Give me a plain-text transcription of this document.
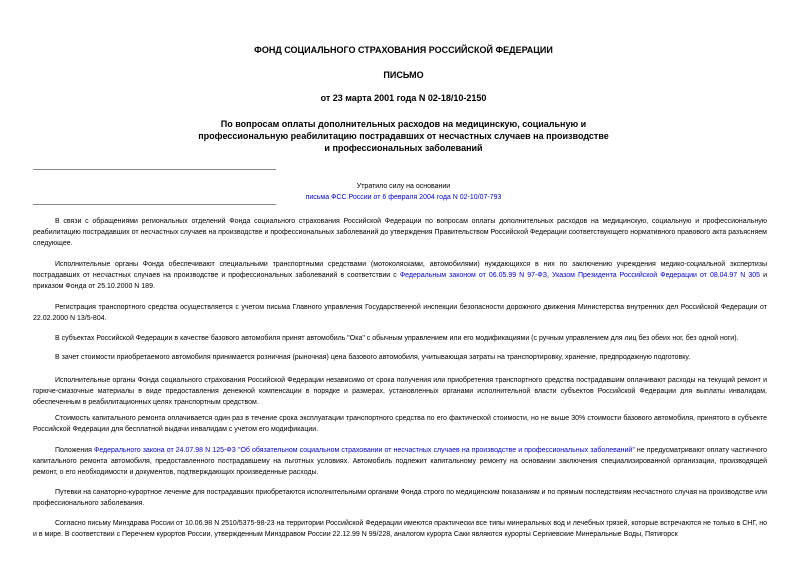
ФОНД СОЦИАЛЬНОГО СТРАХОВАНИЯ РОССИЙСКОЙ ФЕДЕРАЦИИ
ПИСЬМО
от 23 марта 2001 года N 02-18/10-2150
По вопросам оплаты дополнительных расходов на медицинскую, социальную и
профессиональную реабилитацию пострадавших от несчастных случаев на производстве
и профессиональных заболеваний
Утратило силу на основании
письма ФСС России от 6 февраля 2004 года N 02-10/07-793

В связи с обращениями региональных отделений Фонда социального страхования Российской Федерации по вопросам оплаты дополнительных расходов на медицинскую, социальную и профессиональную реабилитацию пострадавших от несчастных случаев на производстве и профессиональных заболеваний до утверждения Правительством Российской Федерации соответствующего нормативного правового акта разъясняем следующее.

Исполнительные органы Фонда обеспечивают специальными транспортными средствами (мотоколясками, автомобилями) нуждающихся в них по заключению учреждения медико-социальной экспертизы пострадавших от несчастных случаев на производстве и профессиональных заболеваний в соответствии с Федеральным законом от 06.05.99 N 97-ФЗ, Указом Президента Российской Федерации от 08.04.97 N 305 и приказом Фонда от 25.10.2000 N 189.

Регистрация транспортного средства осуществляется с учетом письма Главного управления Государственной инспекции безопасности дорожного движения Министерства внутренних дел Российской Федерации от 22.02.2000 N 13/5-804.

В субъектах Российской Федерации в качестве базового автомобиля принят автомобиль "Ока" с обычным управлением или его модификациями (с ручным управлением для лиц без обеих ног, без одной ноги).

В зачет стоимости приобретаемого автомобиля принимается розничная (рыночная) цена базового автомобиля, учитывающая затраты на транспортировку, хранение, предпродажную подготовку.

Исполнительные органы Фонда социального страхования Российской Федерации независимо от срока получения или приобретения транспортного средства пострадавшим оплачивают расходы на текущий ремонт и горюче-смазочные материалы в виде предоставления денежной компенсации в порядке и размерах, установленных органами исполнительной власти субъектов Российской Федерации для выплаты инвалидам, обеспеченным в реабилитационных целях транспортным средством.

Стоимость капитального ремонта оплачивается один раз в течение срока эксплуатации транспортного средства по его фактической стоимости, но не выше 30% стоимости базового автомобиля, принятого в субъекте Российской Федерации для бесплатной выдачи инвалидам с учетом его модификации.

Положения Федерального закона от 24.07.98 N 125-ФЗ "Об обязательном социальном страховании от несчастных случаев на производстве и профессиональных заболеваний" не предусматривают оплату частичного капитального ремонта автомобиля, предоставленного пострадавшему на льготных условиях. Автомобиль подлежит капитальному ремонту на основании заключения специализированной организации, производящей ремонт, о его необходимости и документов, подтверждающих произведенные расходы.

Путевки на санаторно-курортное лечение для пострадавших приобретаются исполнительными органами Фонда строго по медицинским показаниям и по прямым последствиям несчастного случая на производстве или профессионального заболевания.

Согласно письму Минздрава России от 10.06.98 N 2510/5375-98-23 на территории Российской Федерации имеются практически все типы минеральных вод и лечебных грязей, которые встречаются не только в СНГ, но и в мире. В соответствии с Перечнем курортов России, утвержденным Минздравом России 22.12.99 N 99/228, аналогом курорта Саки являются курорты Сергиевские Минеральные Воды, Пятигорск
